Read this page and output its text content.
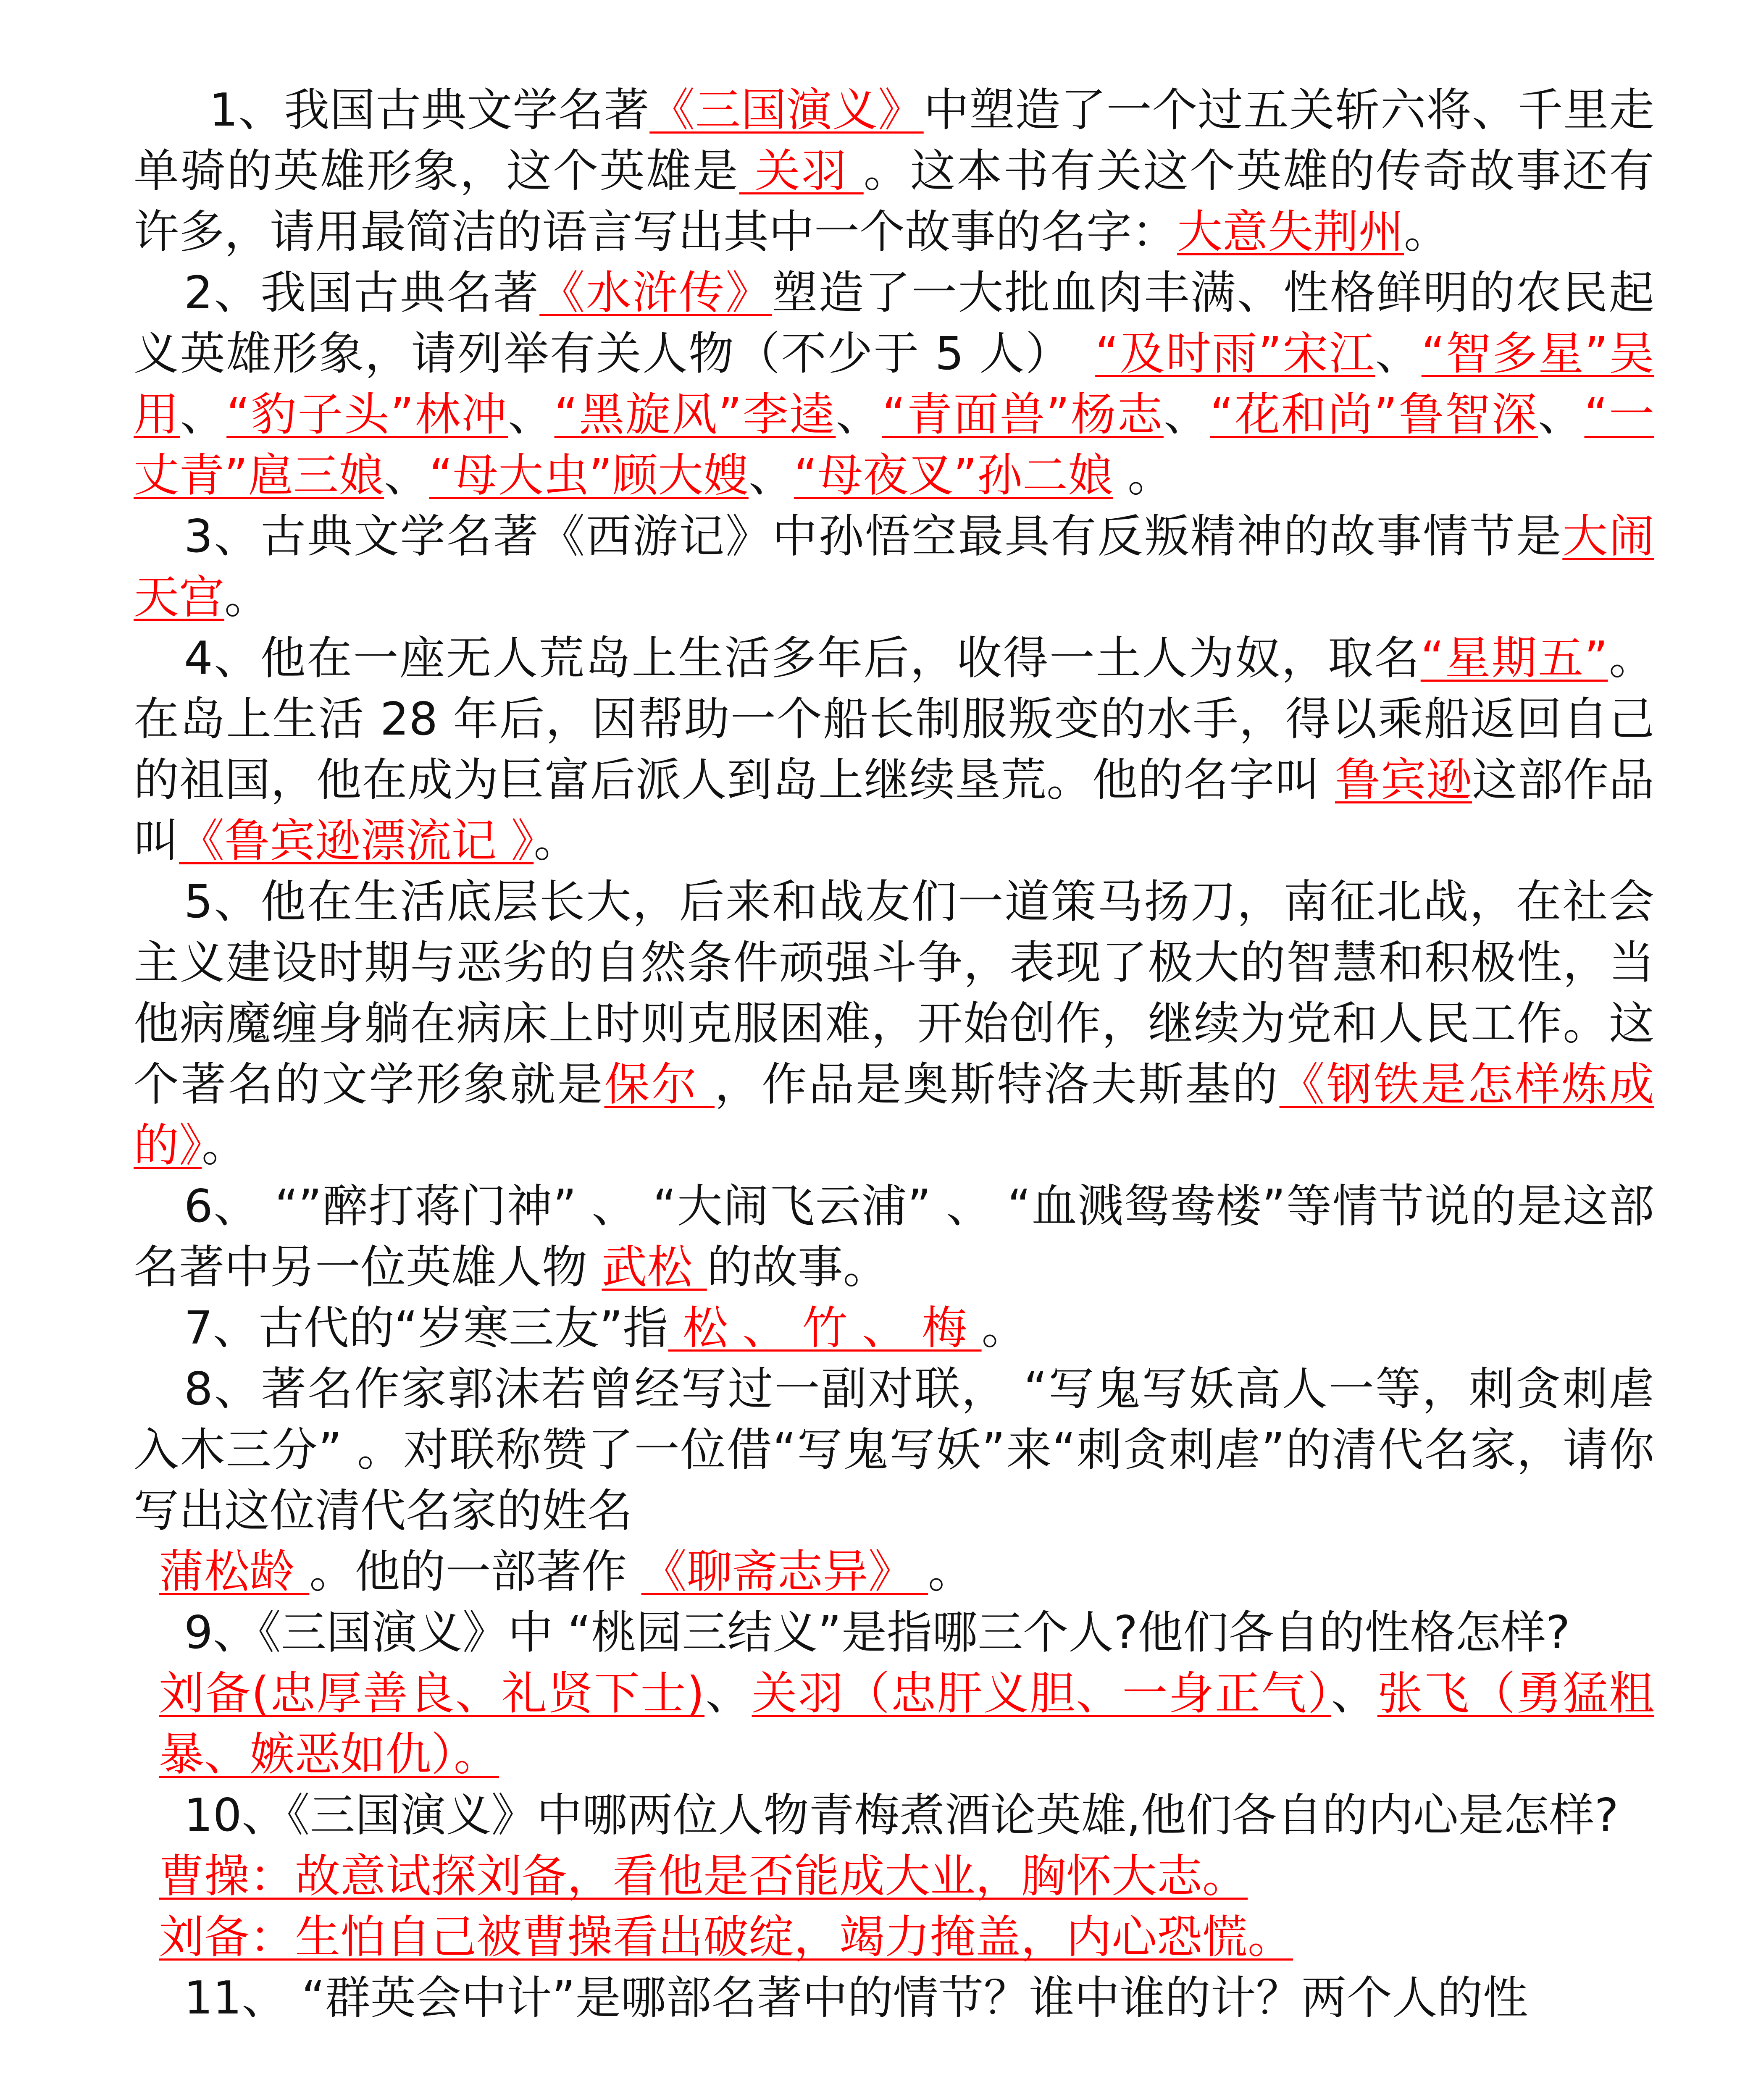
1、我国古典文学名著《三国演义》中塑造了一个过五关斩六将、千里走单骑的英雄形象，这个英雄是 关羽 。这本书有关这个英雄的传奇故事还有许多，请用最简洁的语言写出其中一个故事的名字：大意失荆州。

2、我国古典名著《水浒传》塑造了一大批血肉丰满、性格鲜明的农民起义英雄形象，请列举有关人物（不少于 5 人）　 “及时雨”宋江、“智多星”吴用、“豹子头”林冲、“黑旋风”李逵、“青面兽”杨志、“花和尚”鲁智深、“一丈青”扈三娘、“母大虫”顾大嫂、“母夜叉”孙二娘 。

3、古典文学名著《西游记》中孙悟空最具有反叛精神的故事情节是大闹天宫。

4、他在一座无人荒岛上生活多年后，收得一土人为奴，取名“星期五”。在岛上生活 28 年后，因帮助一个船长制服叛变的水手，得以乘船返回自己的祖国，他在成为巨富后派人到岛上继续垦荒。他的名字叫 鲁宾逊这部作品叫《鲁宾逊漂流记 》。

5、他在生活底层长大，后来和战友们一道策马扬刀，南征北战，在社会主义建设时期与恶劣的自然条件顽强斗争，表现了极大的智慧和积极性，当他病魔缠身躺在病床上时则克服困难，开始创作，继续为党和人民工作。这个著名的文学形象就是保尔 ，作品是奥斯特洛夫斯基的《钢铁是怎样炼成的》。

6、 “”醉打蒋门神” 、 “大闹飞云浦” 、 “血溅鸳鸯楼”等情节说的是这部名著中另一位英雄人物 武松 的故事。

7、古代的“岁寒三友”指 松 、 竹 、 梅 。

8、著名作家郭沫若曾经写过一副对联， “写鬼写妖高人一等，刺贪刺虐入木三分” 。对联称赞了一位借“写鬼写妖”来“刺贪刺虐”的清代名家，请你写出这位清代名家的姓名

蒲松龄 。他的一部著作 《聊斋志异》 。

9、《三国演义》中 “桃园三结义”是指哪三个人?他们各自的性格怎样?

刘备(忠厚善良、礼贤下士)、关羽（忠肝义胆、一身正气）、张飞（勇猛粗暴、嫉恶如仇）。

10、《三国演义》中哪两位人物青梅煮酒论英雄,他们各自的内心是怎样?

曹操：故意试探刘备，看他是否能成大业，胸怀大志。

刘备：生怕自己被曹操看出破绽，竭力掩盖，内心恐慌。

11、 “群英会中计”是哪部名著中的情节？谁中谁的计？两个人的性
